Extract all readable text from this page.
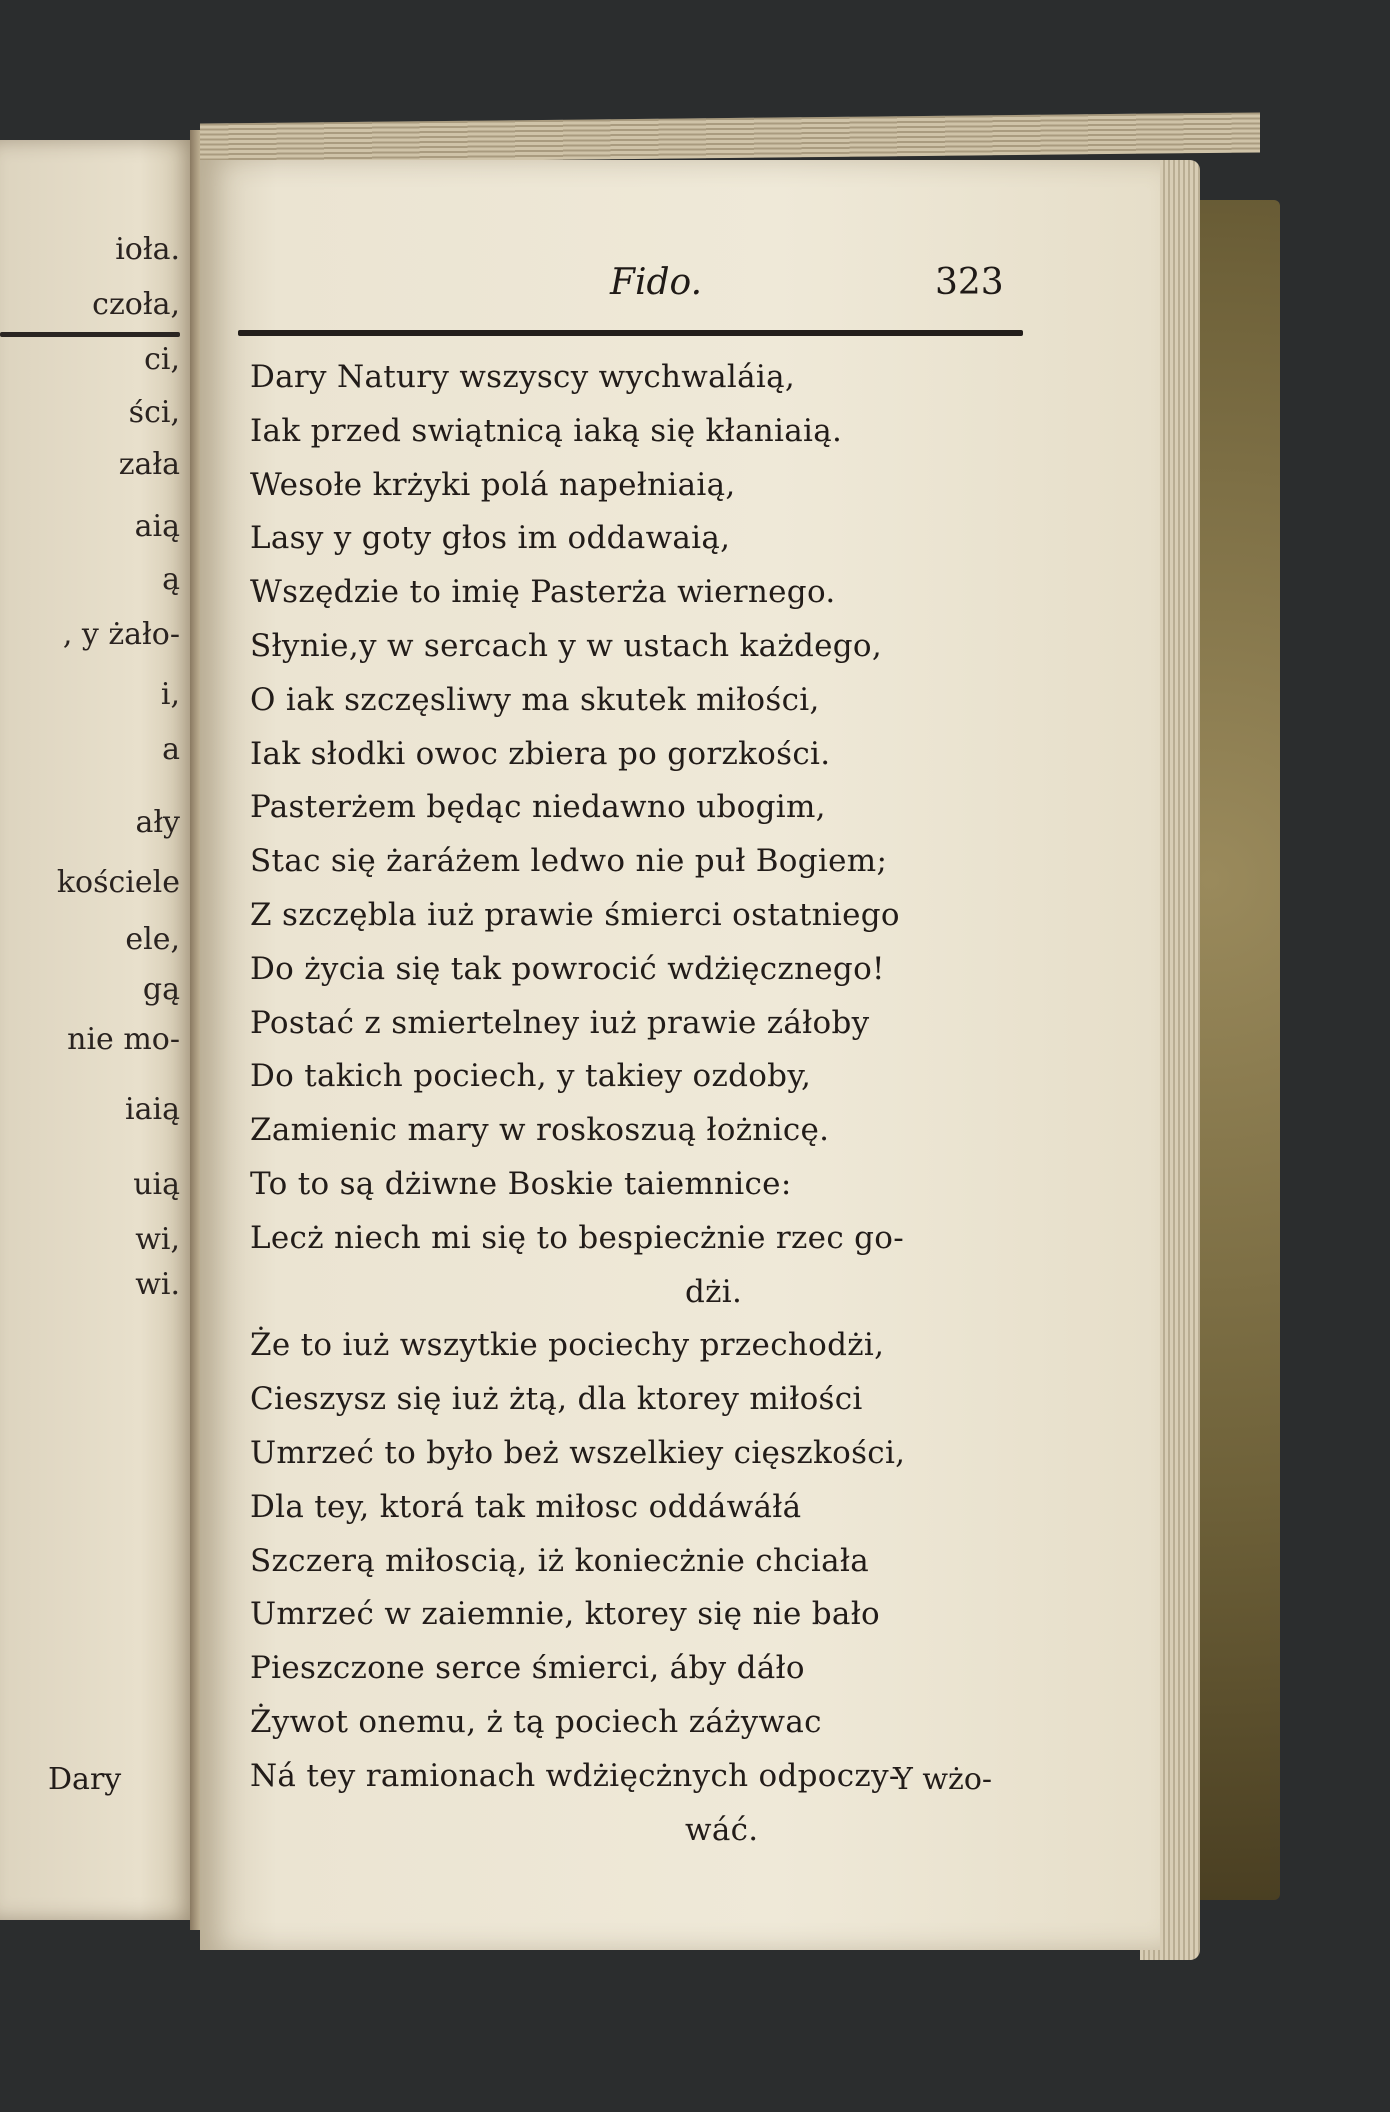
ioła.
czoła,
ci,
ści,
zała
aią
ą
, y żało-
i,
a
ały
kościele
ele,
gą
nie mo-
iaią
uią
wi,
wi.
Fido.	323
Dary Natury wszyscy wychwaláią,
Iak przed swiątnicą iaką się kłaniaią.
Wesołe krżyki polá napełniaią,
Lasy y goty głos im oddawaią,
Wszędzie to imię Pasterża wiernego.
Słynie,y w sercach y w ustach każdego,
O iak szczęsliwy ma skutek miłości,
Iak słodki owoc zbiera po gorzkości.
Pasterżem będąc niedawno ubogim,
Stac się żaráżem ledwo nie puł Bogiem;
Z szczębla iuż prawie śmierci ostatniego
Do życia się tak powrocić wdżięcznego!
Postać z smiertelney iuż prawie záłoby
Do takich pociech, y takiey ozdoby,
Zamienic mary w roskoszuą łożnicę.
To to są dżiwne Boskie taiemnice:
Lecż niech mi się to bespiecżnie rzec go-
dżi.
Że to iuż wszytkie pociechy przechodżi,
Cieszysz się iuż żtą, dla ktorey miłości
Umrzeć to było beż wszelkiey cięszkości,
Dla tey, ktorá tak miłosc oddáwáłá
Szczerą miłoscią, iż koniecżnie chciała
Umrzeć w zaiemnie, ktorey się nie bało
Pieszczone serce śmierci, áby dáło
Żywot onemu, ż tą pociech záżywac
Ná tey ramionach wdżięcżnych odpoczy-
wáć.
Dary	Y wżo-
